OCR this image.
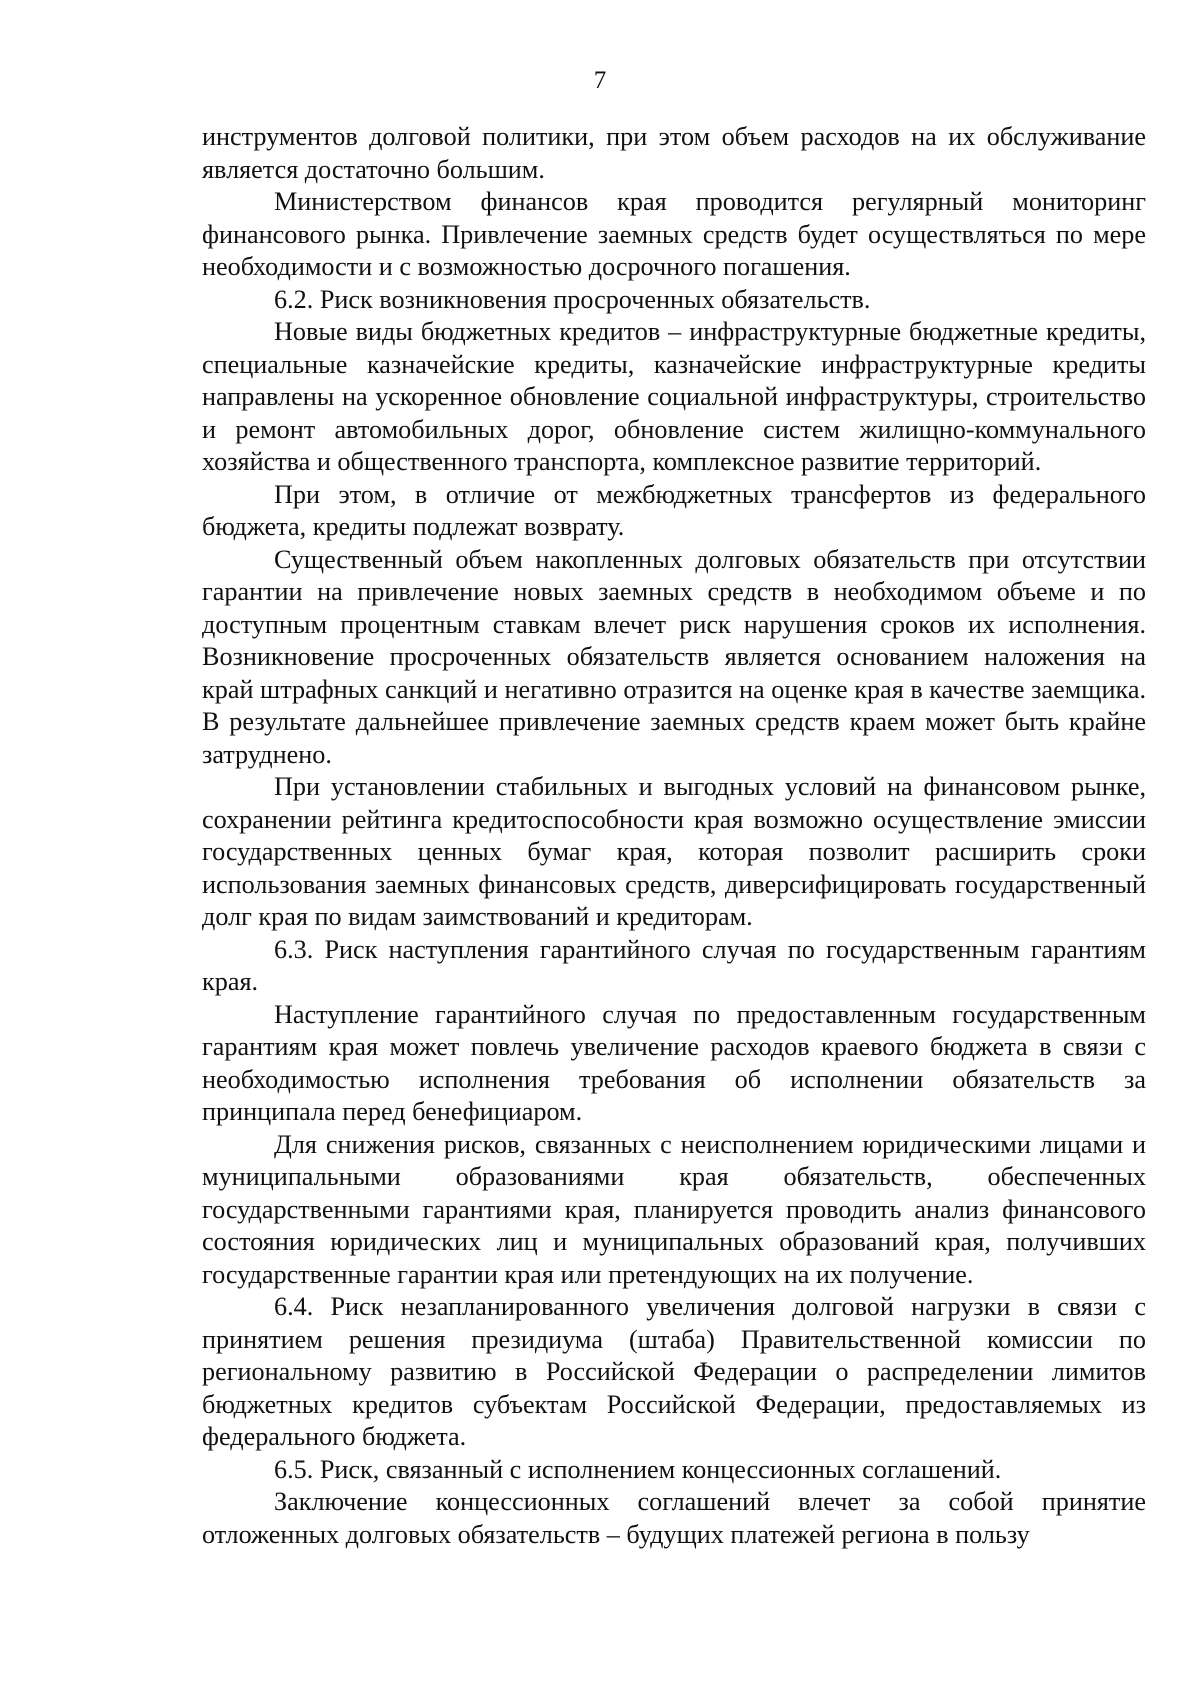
7

инструментов долговой политики, при этом объем расходов на их обслуживание является достаточно большим.

Министерством финансов края проводится регулярный мониторинг финансового рынка. Привлечение заемных средств будет осуществляться по мере необходимости и с возможностью досрочного погашения.

6.2. Риск возникновения просроченных обязательств.

Новые виды бюджетных кредитов – инфраструктурные бюджетные кредиты, специальные казначейские кредиты, казначейские инфраструктурные кредиты направлены на ускоренное обновление социальной инфраструктуры, строительство и ремонт автомобильных дорог, обновление систем жилищно-коммунального хозяйства и общественного транспорта, комплексное развитие территорий.

При этом, в отличие от межбюджетных трансфертов из федерального бюджета, кредиты подлежат возврату.

Существенный объем накопленных долговых обязательств при отсутствии гарантии на привлечение новых заемных средств в необходимом объеме и по доступным процентным ставкам влечет риск нарушения сроков их исполнения. Возникновение просроченных обязательств является основанием наложения на край штрафных санкций и негативно отразится на оценке края в качестве заемщика. В результате дальнейшее привлечение заемных средств краем может быть крайне затруднено.

При установлении стабильных и выгодных условий на финансовом рынке, сохранении рейтинга кредитоспособности края возможно осуществление эмиссии государственных ценных бумаг края, которая позволит расширить сроки использования заемных финансовых средств, диверсифицировать государственный долг края по видам заимствований и кредиторам.

6.3. Риск наступления гарантийного случая по государственным гарантиям края.

Наступление гарантийного случая по предоставленным государственным гарантиям края может повлечь увеличение расходов краевого бюджета в связи с необходимостью исполнения требования об исполнении обязательств за принципала перед бенефициаром.

Для снижения рисков, связанных с неисполнением юридическими лицами и муниципальными образованиями края обязательств, обеспеченных государственными гарантиями края, планируется проводить анализ финансового состояния юридических лиц и муниципальных образований края, получивших государственные гарантии края или претендующих на их получение.

6.4. Риск незапланированного увеличения долговой нагрузки в связи с принятием решения президиума (штаба) Правительственной комиссии по региональному развитию в Российской Федерации о распределении лимитов бюджетных кредитов субъектам Российской Федерации, предоставляемых из федерального бюджета.

6.5. Риск, связанный с исполнением концессионных соглашений.

Заключение концессионных соглашений влечет за собой принятие отложенных долговых обязательств – будущих платежей региона в пользу
